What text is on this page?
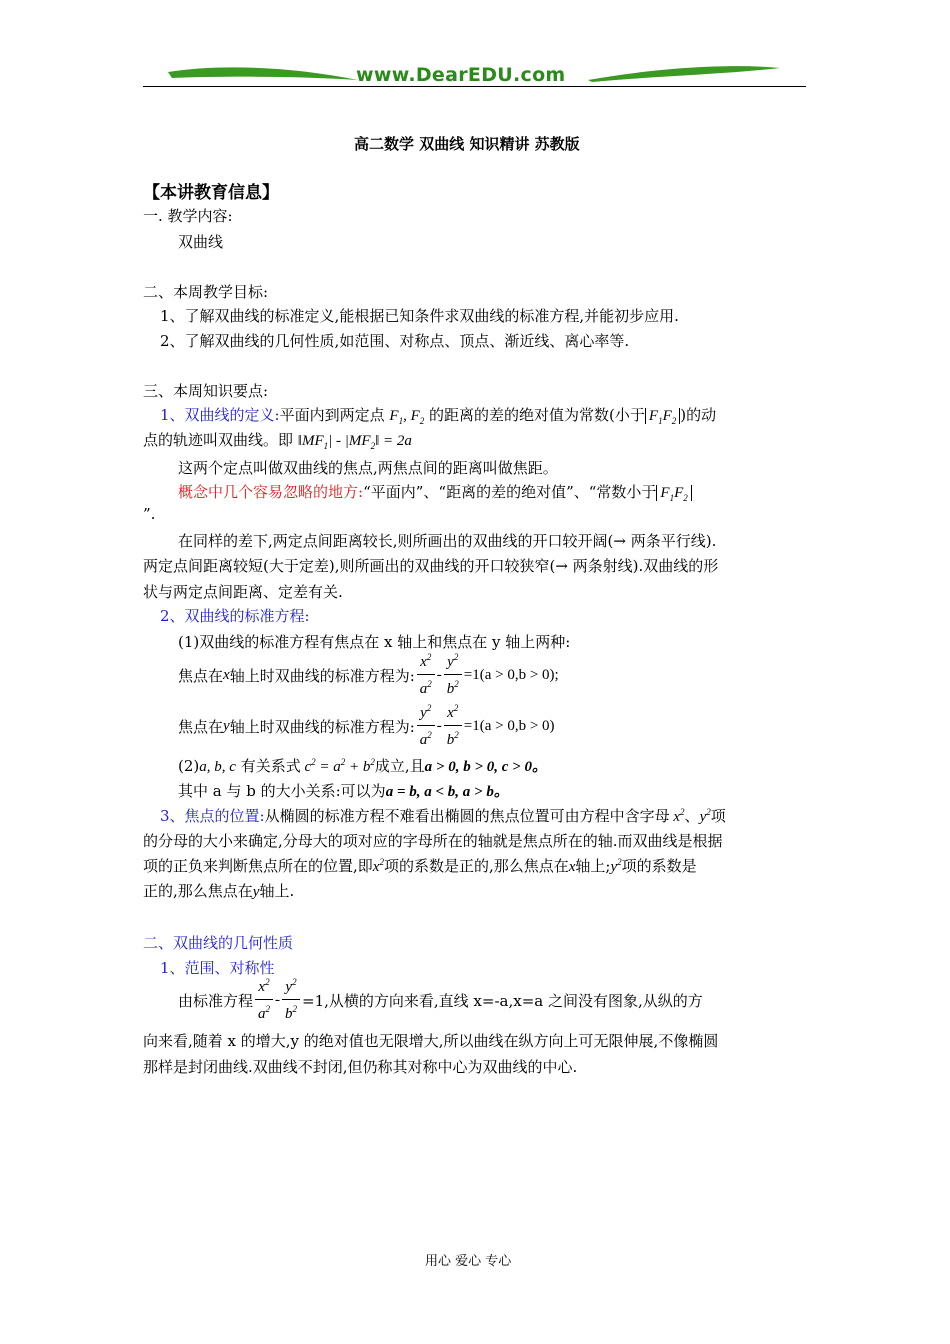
www.DearEDU.com
高二数学 双曲线 知识精讲 苏教版
【本讲教育信息】
一. 教学内容:
双曲线
二、本周教学目标:
1、了解双曲线的标准定义,能根据已知条件求双曲线的标准方程,并能初步应用.
2、了解双曲线的几何性质,如范围、对称点、顶点、渐近线、离心率等.
三、本周知识要点:
1、双曲线的定义:平面内到两定点 $F_1$, $F_2$ 的距离的差的绝对值为常数(小于 $F_1F_2$ )的动
点的轨迹叫双曲线。即 $‖MF_1|$ - $|MF_2‖ = 2a$
这两个定点叫做双曲线的焦点,两焦点间的距离叫做焦距。
概念中几个容易忽略的地方:“平面内”、“距离的差的绝对值”、“常数小于 $F_1F_2$
”.
在同样的差下,两定点间距离较长,则所画出的双曲线的开口较开阔(→ 两条平行线).
两定点间距离较短(大于定差),则所画出的双曲线的开口较狭窄(→ 两条射线).双曲线的形
状与两定点间距离、定差有关.
2、双曲线的标准方程:
(1)双曲线的标准方程有焦点在 x 轴上和焦点在 y 轴上两种:
焦点在 x 轴上时双曲线的标准方程为: $\frac{x^2}{a^2} - \frac{y^2}{b^2} =1(a > 0,b > 0)$;
焦点在 y 轴上时双曲线的标准方程为: $\frac{y^2}{a^2} - \frac{x^2}{b^2} =1(a > 0,b > 0)$
(2)a, b, c 有关系式 $c^2 = a^2 + b^2$成立,且a > 0, b > 0, c > 0。
其中 a 与 b 的大小关系:可以为a = b, a < b, a > b。
3、焦点的位置:从椭圆的标准方程不难看出椭圆的焦点位置可由方程中含字母 $x^2$、$y^2$项
的分母的大小来确定,分母大的项对应的字母所在的轴就是焦点所在的轴.而双曲线是根据
项的正负来判断焦点所在的位置,即$x^2$项的系数是正的,那么焦点在x轴上$;y^2$项的系数是
正的,那么焦点在y轴上.
二、双曲线的几何性质
1、范围、对称性
由标准方程 $\frac{x^2}{a^2} - \frac{y^2}{b^2} =1$,从横的方向来看,直线 x=-a,x=a 之间没有图象,从纵的方
向来看,随着 x 的增大,y 的绝对值也无限增大,所以曲线在纵方向上可无限伸展,不像椭圆
那样是封闭曲线.双曲线不封闭,但仍称其对称中心为双曲线的中心.
用心 爱心 专心
